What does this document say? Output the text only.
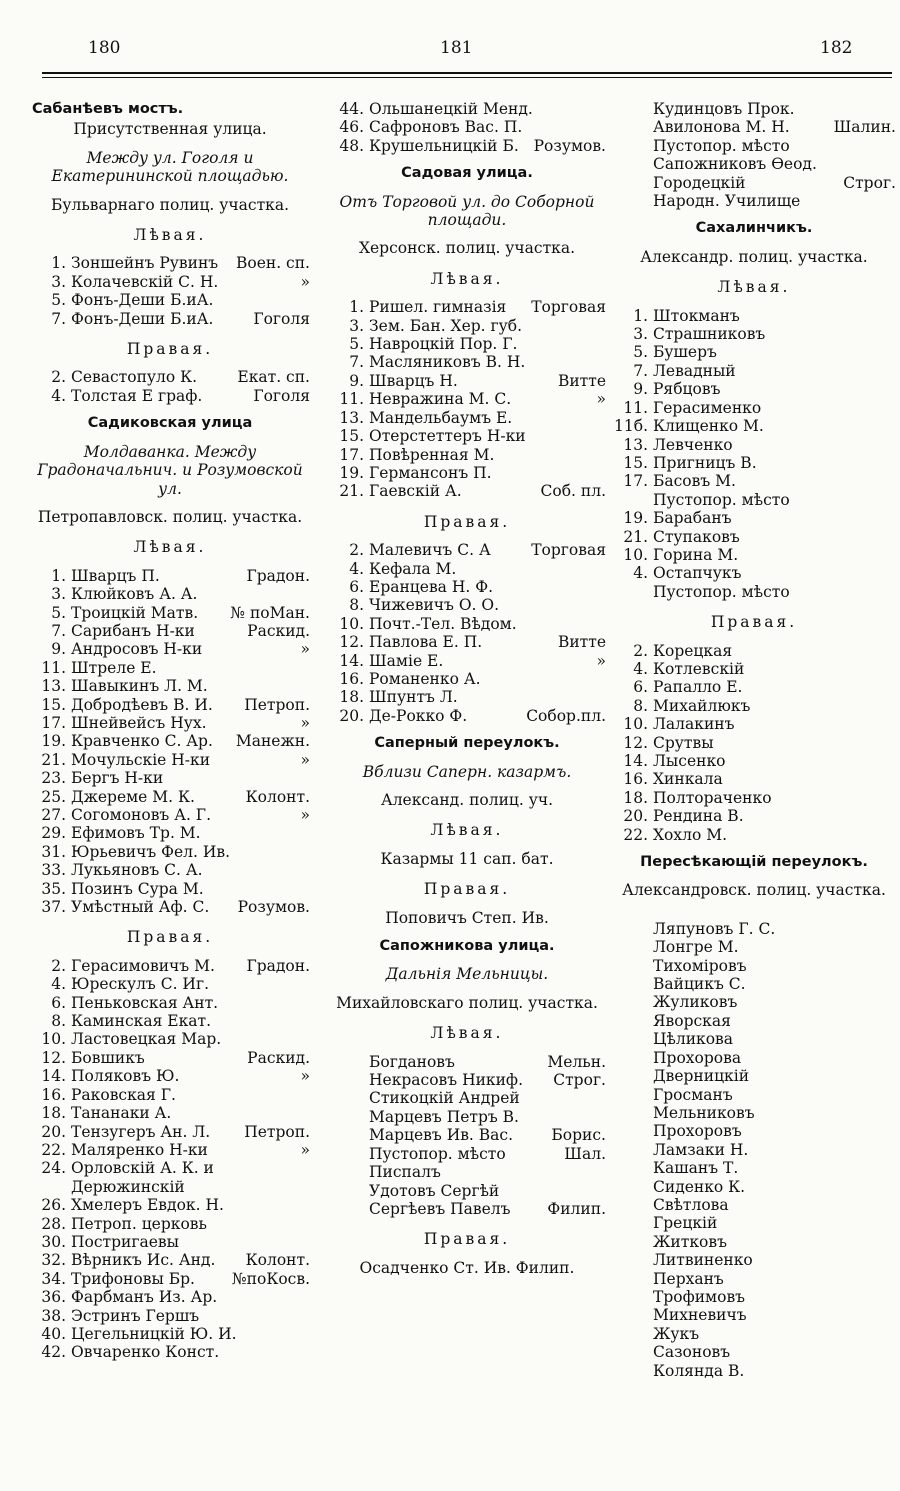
180	181	182
Сабанѣевъ мостъ.
Присутственная улица.
Между ул. Гоголя и Екатерининской площадью.
Бульварнаго полиц. участка.
Лѣвая.
1. Зоншейнъ Рувинъ	Воен. сп.
3. Колачевскій С. Н.	»
5. Фонъ-Деши Б.иА.
7. Фонъ-Деши Б.иА.	Гоголя
Правая.
2. Севастопуло К.	Екат. сп.
4. Толстая Е граф.	Гоголя
Садиковская улица
Молдаванка. Между Градоначальнич. и Розумовской ул.
Петропавловск. полиц. участка.
Лѣвая.
1. Шварцъ П.	Градон.
3. Клюйковъ А. А.
5. Троицкій Матв.	№ поМан.
7. Сарибанъ Н-ки	Раскид.
9. Андросовъ Н-ки	»
11. Штреле Е.
13. Шавыкинъ Л. М.
15. Добродѣевъ В. И.	Петроп.
17. Шнейвейсъ Нух.	»
19. Кравченко С. Ар.	Манежн.
21. Мочульскіе Н-ки	»
23. Бергъ Н-ки
25. Джереме М. К.	Колонт.
27. Согомоновъ А. Г.	»
29. Ефимовъ Тр. М.
31. Юрьевичъ Фел. Ив.
33. Лукьяновъ С. А.
35. Позинъ Сура М.
37. Умѣстный Аф. С.	Розумов.
Правая.
2. Герасимовичъ М.	Градон.
4. Юрескулъ С. Иг.
6. Пеньковская Ант.
8. Каминская Екат.
10. Ластовецкая Мар.
12. Бовшикъ	Раскид.
14. Поляковъ Ю.	»
16. Раковская Г.
18. Тананаки А.
20. Тензугеръ Ан. Л.	Петроп.
22. Маляренко Н-ки	»
24. Орловскій А. К. и
Дерюжинскій
26. Хмелеръ Евдок. Н.
28. Петроп. церковь
30. Постригаевы
32. Вѣрникъ Ис. Анд.	Колонт.
34. Трифоновы Бр.	№поКосв.
36. Фарбманъ Из. Ар.
38. Эстринъ Гершъ
40. Цегельницкій Ю. И.
42. Овчаренко Конст.
44. Ольшанецкій Менд.
46. Сафроновъ Вас. П.
48. Крушельницкій Б. Розумов.
Садовая улица.
Отъ Торговой ул. до Соборной площади.
Херсонск. полиц. участка.
Лѣвая.
1. Ришел. гимназія	Торговая
3. Зем. Бан. Хер. губ.
5. Навроцкій Пор. Г.
7. Масляниковъ В. Н.
9. Шварцъ Н.	Витте
11. Невражина М. С.	»
13. Мандельбаумъ Е.
15. Отерстеттеръ Н-ки
17. Повѣренная М.
19. Германсонъ П.
21. Гаевскій А.	Соб. пл.
Правая.
2. Малевичъ С. А	Торговая
4. Кефала М.
6. Еранцева Н. Ф.
8. Чижевичъ О. О.
10. Почт.-Тел. Вѣдом.
12. Павлова Е. П.	Витте
14. Шаміе Е.	»
16. Романенко А.
18. Шпунтъ Л.
20. Де-Рокко Ф.	Собор.пл.
Саперный переулокъ.
Вблизи Саперн. казармъ.
Александ. полиц. уч.
Лѣвая.
Казармы 11 сап. бат.
Правая.
Поповичъ Степ. Ив.
Сапожникова улица.
Дальнія Мельницы.
Михайловскаго полиц. участка.
Лѣвая.
Богдановъ	Мельн.
Некрасовъ Никиф.	Строг.
Стикоцкій Андрей
Марцевъ Петръ В.
Марцевъ Ив. Вас.	Борис.
Пустопор. мѣсто	Шал.
Писпалъ
Удотовъ Сергѣй
Сергѣевъ Павелъ	Филип.
Правая.
Осадченко Ст. Ив. Филип.
Кудинцовъ Прок.
Авилонова М. Н.	Шалин.
Пустопор. мѣсто
Сапожниковъ Ѳеод.
Городецкій	Строг.
Народн. Училище
Сахалинчикъ.
Александр. полиц. участка.
Лѣвая.
1. Штокманъ
3. Страшниковъ
5. Бушеръ
7. Левадный
9. Рябцовъ
11. Герасименко
11б. Клищенко М.
13. Левченко
15. Пригницъ В.
17. Басовъ М.
Пустопор. мѣсто
19. Барабанъ
21. Ступаковъ
10. Горина М.
4. Остапчукъ
Пустопор. мѣсто
Правая.
2. Корецкая
4. Котлевскій
6. Рапалло Е.
8. Михайлюкъ
10. Лалакинъ
12. Срутвы
14. Лысенко
16. Хинкала
18. Полтораченко
20. Рендина В.
22. Хохло М.
Пересѣкающій переулокъ.
Александровск. полиц. участка.
Ляпуновъ Г. С.
Лонгре М.
Тихоміровъ
Вайцикъ С.
Жуликовъ
Яворская
Цѣликова
Прохорова
Дверницкій
Гросманъ
Мельниковъ
Прохоровъ
Ламзаки Н.
Кашанъ Т.
Сиденко К.
Свѣтлова
Грецкій
Житковъ
Литвиненко
Перханъ
Трофимовъ
Михневичъ
Жукъ
Сазоновъ
Колянда В.
